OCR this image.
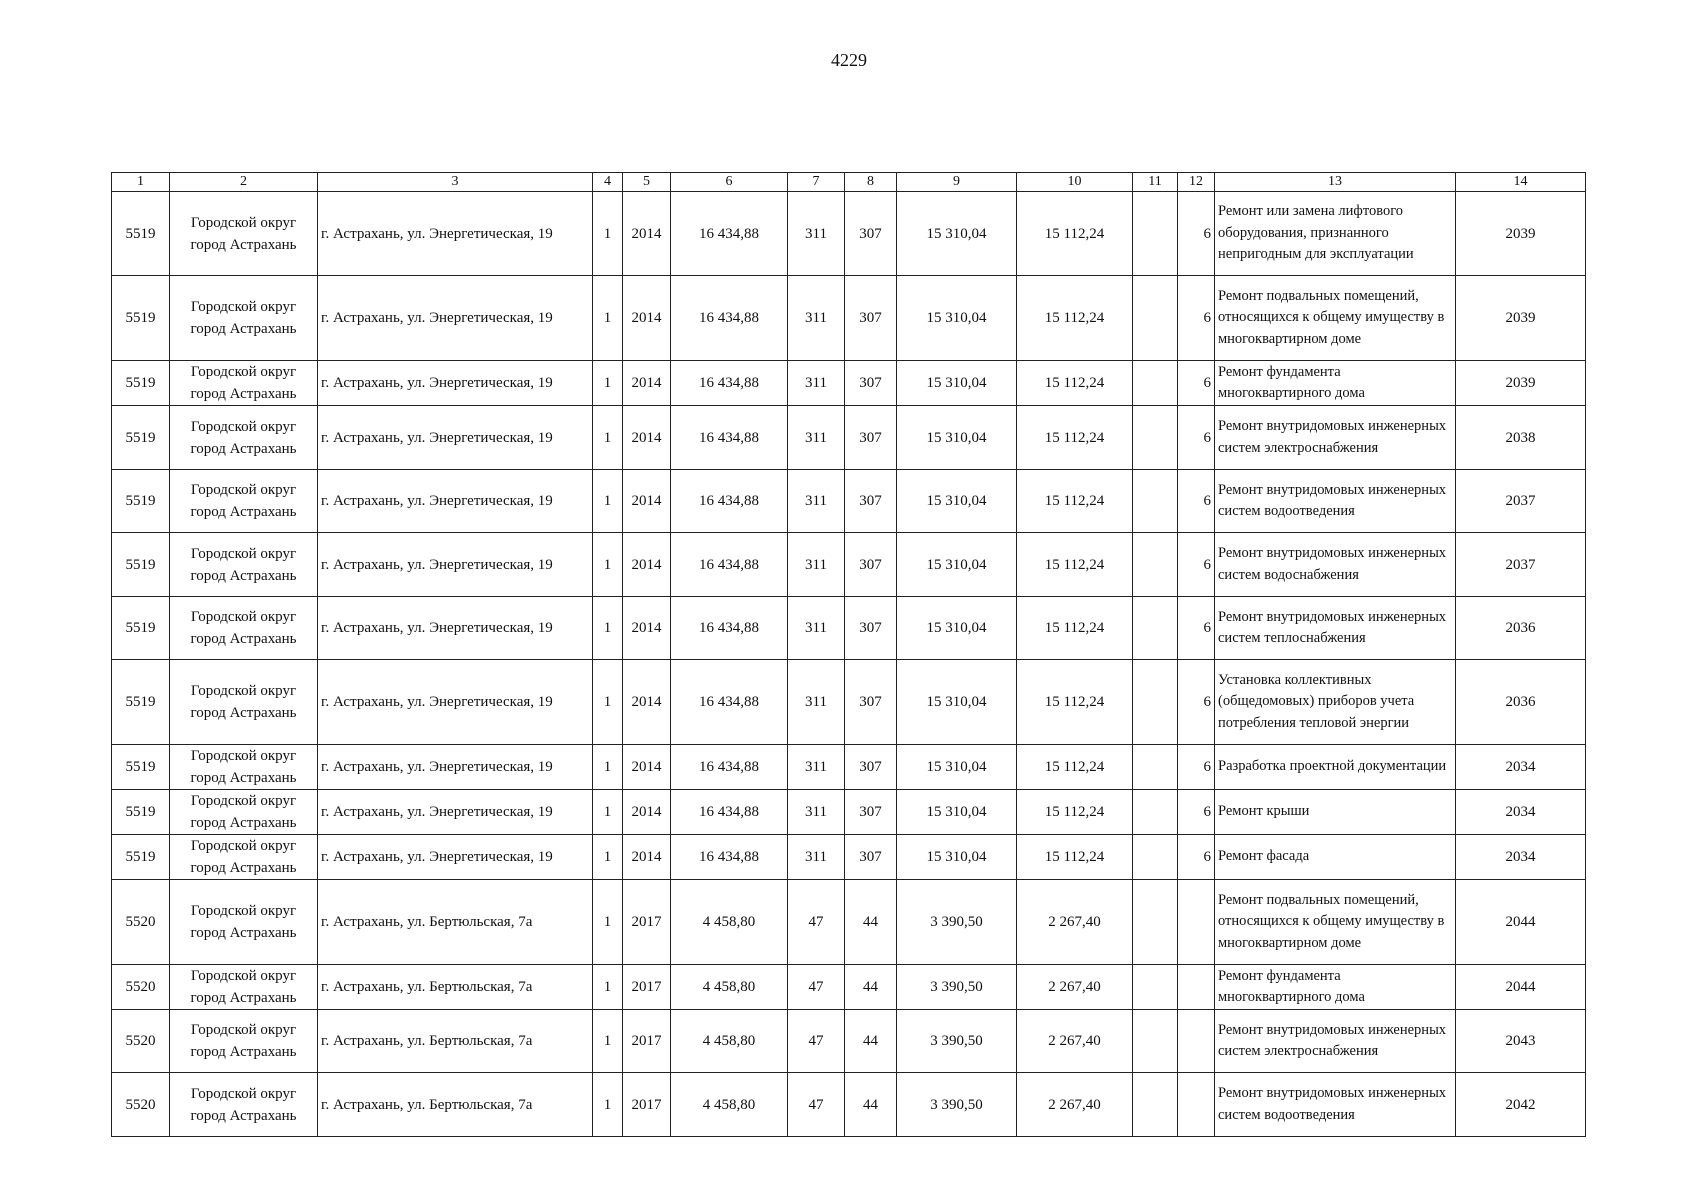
4229
1	2	3	4	5	6	7	8	9	10	11	12	13	14
5519	Городской округ город Астрахань	г. Астрахань, ул. Энергетическая, 19	1	2014	16 434,88	311	307	15 310,04	15 112,24		6	Ремонт или замена лифтового оборудования, признанного непригодным для эксплуатации	2039
5519	Городской округ город Астрахань	г. Астрахань, ул. Энергетическая, 19	1	2014	16 434,88	311	307	15 310,04	15 112,24		6	Ремонт подвальных помещений, относящихся к общему имуществу в многоквартирном доме	2039
5519	Городской округ город Астрахань	г. Астрахань, ул. Энергетическая, 19	1	2014	16 434,88	311	307	15 310,04	15 112,24		6	Ремонт фундамента многоквартирного дома	2039
5519	Городской округ город Астрахань	г. Астрахань, ул. Энергетическая, 19	1	2014	16 434,88	311	307	15 310,04	15 112,24		6	Ремонт внутридомовых инженерных систем электроснабжения	2038
5519	Городской округ город Астрахань	г. Астрахань, ул. Энергетическая, 19	1	2014	16 434,88	311	307	15 310,04	15 112,24		6	Ремонт внутридомовых инженерных систем водоотведения	2037
5519	Городской округ город Астрахань	г. Астрахань, ул. Энергетическая, 19	1	2014	16 434,88	311	307	15 310,04	15 112,24		6	Ремонт внутридомовых инженерных систем водоснабжения	2037
5519	Городской округ город Астрахань	г. Астрахань, ул. Энергетическая, 19	1	2014	16 434,88	311	307	15 310,04	15 112,24		6	Ремонт внутридомовых инженерных систем теплоснабжения	2036
5519	Городской округ город Астрахань	г. Астрахань, ул. Энергетическая, 19	1	2014	16 434,88	311	307	15 310,04	15 112,24		6	Установка коллективных (общедомовых) приборов учета потребления тепловой энергии	2036
5519	Городской округ город Астрахань	г. Астрахань, ул. Энергетическая, 19	1	2014	16 434,88	311	307	15 310,04	15 112,24		6	Разработка проектной документации	2034
5519	Городской округ город Астрахань	г. Астрахань, ул. Энергетическая, 19	1	2014	16 434,88	311	307	15 310,04	15 112,24		6	Ремонт крыши	2034
5519	Городской округ город Астрахань	г. Астрахань, ул. Энергетическая, 19	1	2014	16 434,88	311	307	15 310,04	15 112,24		6	Ремонт фасада	2034
5520	Городской округ город Астрахань	г. Астрахань, ул. Бертюльская, 7а	1	2017	4 458,80	47	44	3 390,50	2 267,40			Ремонт подвальных помещений, относящихся к общему имуществу в многоквартирном доме	2044
5520	Городской округ город Астрахань	г. Астрахань, ул. Бертюльская, 7а	1	2017	4 458,80	47	44	3 390,50	2 267,40			Ремонт фундамента многоквартирного дома	2044
5520	Городской округ город Астрахань	г. Астрахань, ул. Бертюльская, 7а	1	2017	4 458,80	47	44	3 390,50	2 267,40			Ремонт внутридомовых инженерных систем электроснабжения	2043
5520	Городской округ город Астрахань	г. Астрахань, ул. Бертюльская, 7а	1	2017	4 458,80	47	44	3 390,50	2 267,40			Ремонт внутридомовых инженерных систем водоотведения	2042
